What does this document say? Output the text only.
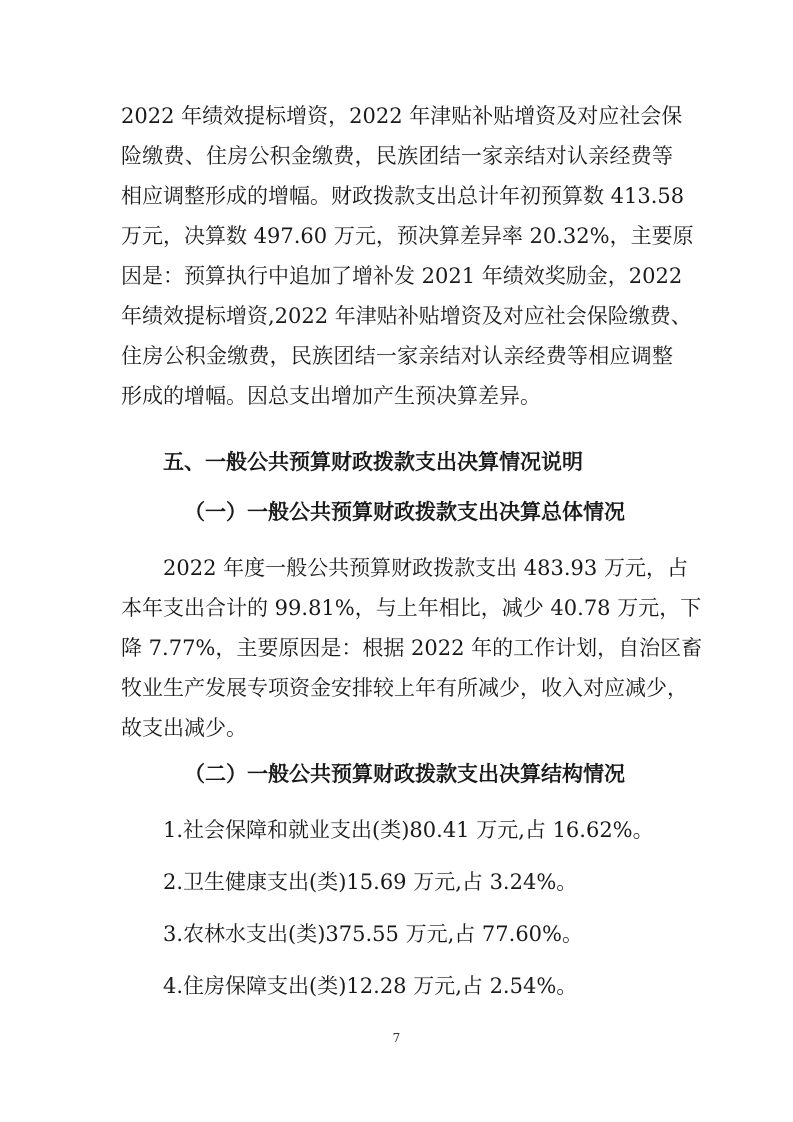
2022 年绩效提标增资，2022 年津贴补贴增资及对应社会保
险缴费、住房公积金缴费，民族团结一家亲结对认亲经费等
相应调整形成的增幅。财政拨款支出总计年初预算数 413.58
万元，决算数 497.60 万元，预决算差异率 20.32%，主要原
因是：预算执行中追加了增补发 2021 年绩效奖励金，2022
年绩效提标增资,2022 年津贴补贴增资及对应社会保险缴费、
住房公积金缴费，民族团结一家亲结对认亲经费等相应调整
形成的增幅。因总支出增加产生预决算差异。

五、一般公共预算财政拨款支出决算情况说明

（一）一般公共预算财政拨款支出决算总体情况

2022 年度一般公共预算财政拨款支出 483.93 万元，占
本年支出合计的 99.81%，与上年相比，减少 40.78 万元，下
降 7.77%，主要原因是：根据 2022 年的工作计划，自治区畜
牧业生产发展专项资金安排较上年有所减少，收入对应减少，
故支出减少。

（二）一般公共预算财政拨款支出决算结构情况

1.社会保障和就业支出(类)80.41 万元,占 16.62%。

2.卫生健康支出(类)15.69 万元,占 3.24%。

3.农林水支出(类)375.55 万元,占 77.60%。

4.住房保障支出(类)12.28 万元,占 2.54%。

7
